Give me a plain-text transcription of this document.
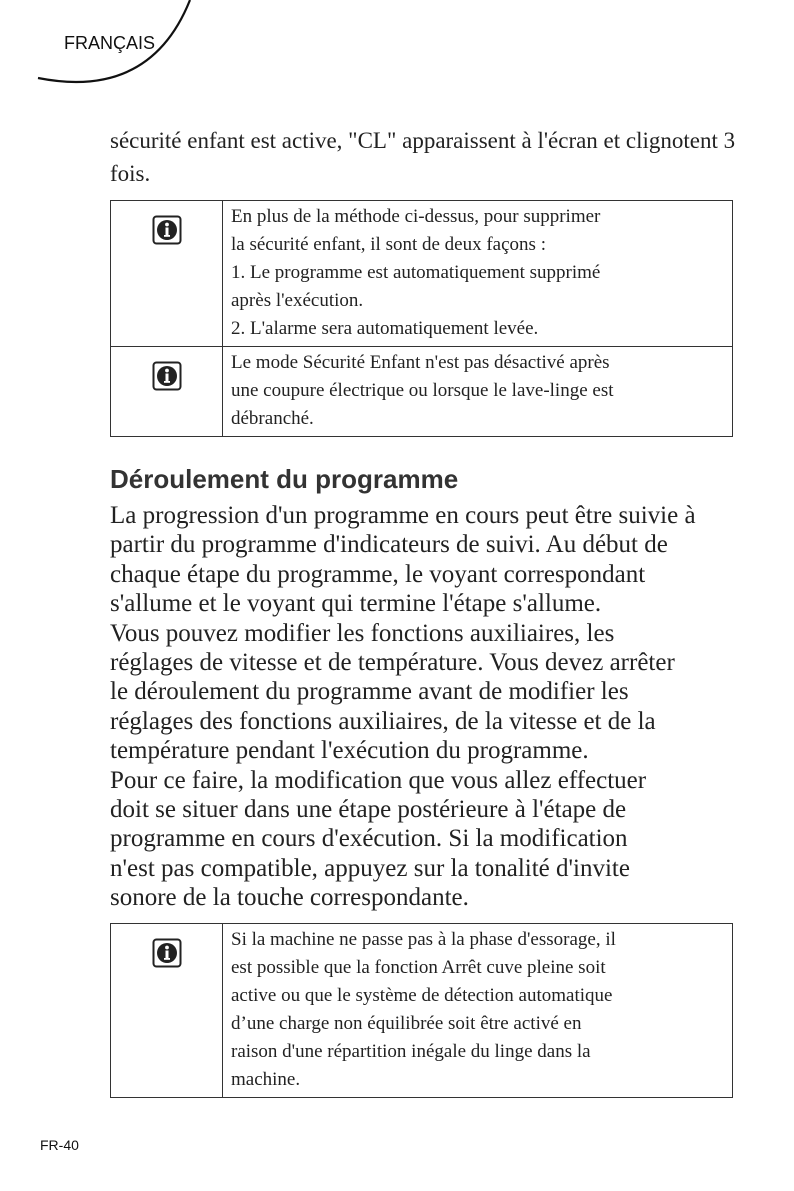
FRANÇAIS

sécurité enfant est active, "CL" apparaissent à l'écran et clignotent 3 fois.

En plus de la méthode ci-dessus, pour supprimer
la sécurité enfant, il sont de deux façons :
1. Le programme est automatiquement supprimé
après l'exécution.
2. L'alarme sera automatiquement levée.

Le mode Sécurité Enfant n'est pas désactivé après
une coupure électrique ou lorsque le lave-linge est
débranché.
Déroulement du programme
La progression d'un programme en cours peut être suivie à
partir du programme d'indicateurs de suivi. Au début de
chaque étape du programme, le voyant correspondant
s'allume et le voyant qui termine l'étape s'allume.
Vous pouvez modifier les fonctions auxiliaires, les
réglages de vitesse et de température. Vous devez arrêter
le déroulement du programme avant de modifier les
réglages des fonctions auxiliaires, de la vitesse et de la
température pendant l'exécution du programme.
Pour ce faire, la modification que vous allez effectuer
doit se situer dans une étape postérieure à l'étape de
programme en cours d'exécution. Si la modification
n'est pas compatible, appuyez sur la tonalité d'invite
sonore de la touche correspondante.

Si la machine ne passe pas à la phase d'essorage, il
est possible que la fonction Arrêt cuve pleine soit
active ou que le système de détection automatique
d’une charge non équilibrée soit être activé en
raison d'une répartition inégale du linge dans la
machine.
FR-40
